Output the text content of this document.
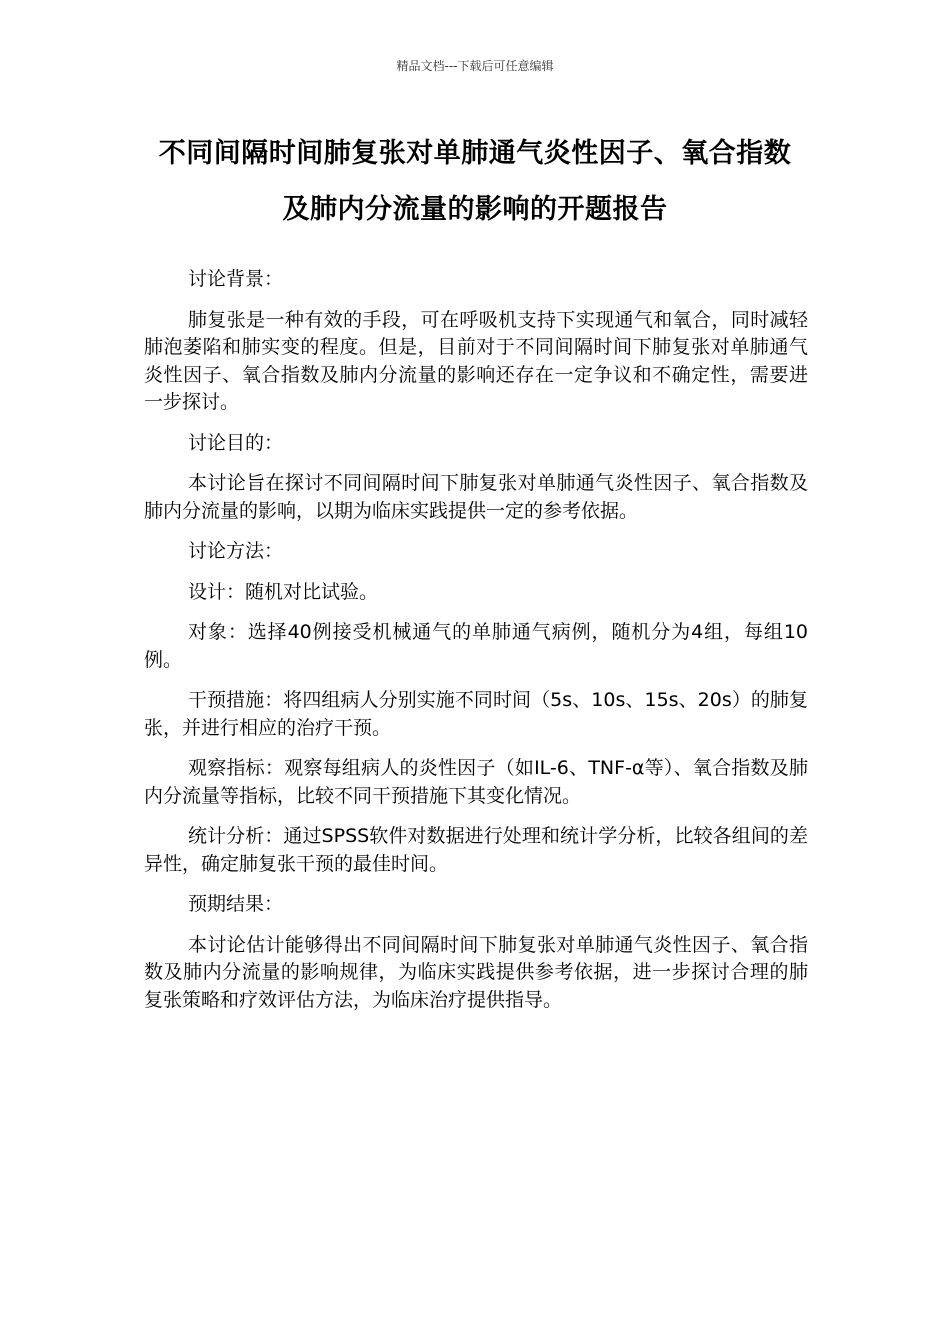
精品文档---下载后可任意编辑
不同间隔时间肺复张对单肺通气炎性因子、氧合指数
及肺内分流量的影响的开题报告

讨论背景：

肺复张是一种有效的手段，可在呼吸机支持下实现通气和氧合，同时减轻肺泡萎陷和肺实变的程度。但是，目前对于不同间隔时间下肺复张对单肺通气炎性因子、氧合指数及肺内分流量的影响还存在一定争议和不确定性，需要进一步探讨。

讨论目的：

本讨论旨在探讨不同间隔时间下肺复张对单肺通气炎性因子、氧合指数及肺内分流量的影响，以期为临床实践提供一定的参考依据。

讨论方法：

设计：随机对比试验。

对象：选择40例接受机械通气的单肺通气病例，随机分为4组，每组10例。

干预措施：将四组病人分别实施不同时间（5s、10s、15s、20s）的肺复张，并进行相应的治疗干预。

观察指标：观察每组病人的炎性因子（如IL-6、TNF-α等）、氧合指数及肺内分流量等指标，比较不同干预措施下其变化情况。

统计分析：通过SPSS软件对数据进行处理和统计学分析，比较各组间的差异性，确定肺复张干预的最佳时间。

预期结果：

本讨论估计能够得出不同间隔时间下肺复张对单肺通气炎性因子、氧合指数及肺内分流量的影响规律，为临床实践提供参考依据，进一步探讨合理的肺复张策略和疗效评估方法，为临床治疗提供指导。
